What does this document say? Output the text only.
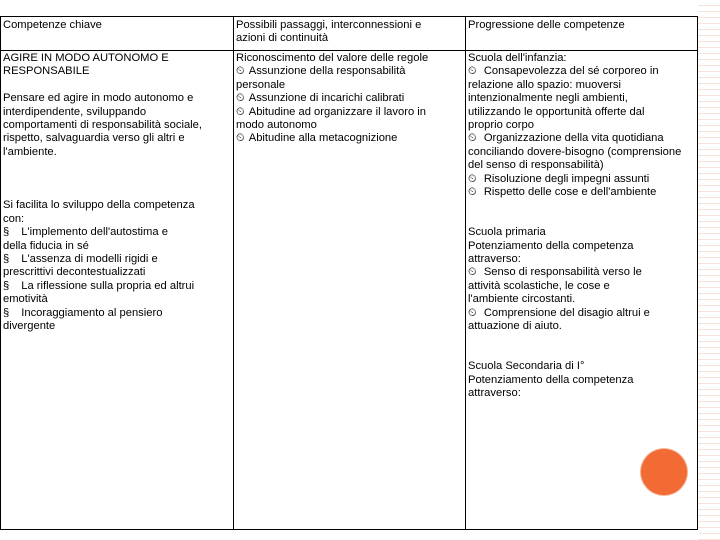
Competenze chiave	Possibili passaggi, interconnessioni e azioni di continuità
Progressione delle competenze
AGIRE IN MODO AUTONOMO E
RESPONSABILE
Pensare ed agire in modo autonomo e
interdipendente, sviluppando
comportamenti di responsabilità sociale,
rispetto, salvaguardia verso gli altri e
l'ambiente.
Si facilita lo sviluppo della competenza
con:
§ L'implemento dell'autostima e
della fiducia in sé
§ L'assenza di modelli rigidi e
prescrittivi decontestualizzati
§ La riflessione sulla propria ed altrui
emotività
§ Incoraggiamento al pensiero
divergente
Riconoscimento del valore delle regole
⏲ Assunzione della responsabilità
personale
⏲ Assunzione di incarichi calibrati
⏲ Abitudine ad organizzare il lavoro in
modo autonomo
⏲ Abitudine alla metacognizione
Scuola dell'infanzia:
⏲ Consapevolezza del sé corporeo in
relazione allo spazio: muoversi
intenzionalmente negli ambienti,
utilizzando le opportunità offerte dal
proprio corpo
⏲ Organizzazione della vita quotidiana
conciliando dovere-bisogno (comprensione
del senso di responsabilità)
⏲ Risoluzione degli impegni assunti
⏲ Rispetto delle cose e dell'ambiente
Scuola primaria
Potenziamento della competenza
attraverso:
⏲ Senso di responsabilità verso le
attività scolastiche, le cose e
l'ambiente circostanti.
⏲ Comprensione del disagio altrui e
attuazione di aiuto.
Scuola Secondaria di I°
Potenziamento della competenza
attraverso:
